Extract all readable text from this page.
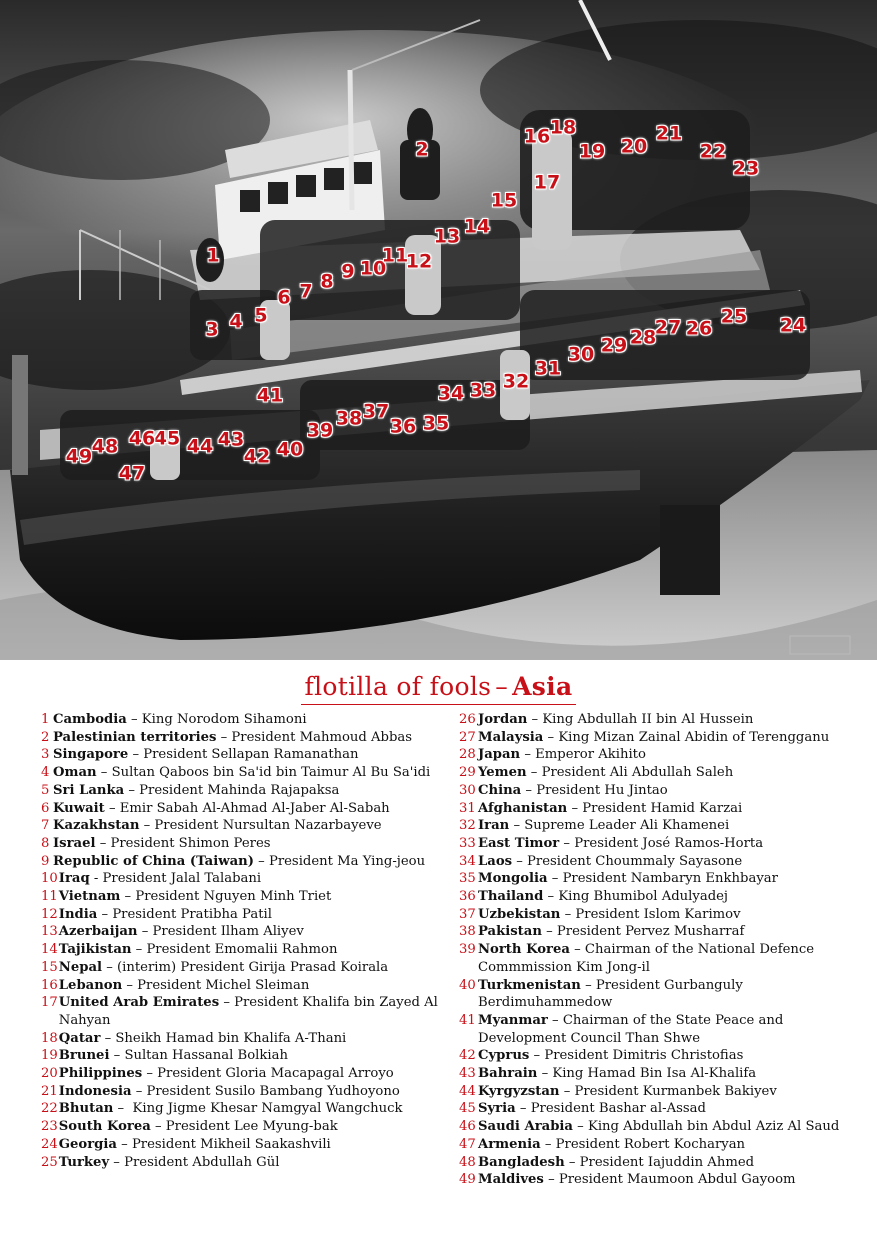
1
2
3 4 5
6 7 8 9 10
11
12
13 14
15
16
17
18
19 20
21
22
23
24
25
26
27
28
29
30
31
32
33
34
35
36
37
38
39
40
41
42
43
44
45
46
47
48
49
flotilla of fools – Asia
1 Cambodia – King Norodom Sihamoni
2 Palestinian territories – President Mahmoud Abbas
3 Singapore – President Sellapan Ramanathan
4 Oman – Sultan Qaboos bin Sa'id bin Taimur Al Bu Sa'idi
5 Sri Lanka – President Mahinda Rajapaksa
6 Kuwait – Emir Sabah Al-Ahmad Al-Jaber Al-Sabah
7 Kazakhstan – President Nursultan Nazarbayeve
8 Israel – President Shimon Peres
9 Republic of China (Taiwan) – President Ma Ying-jeou
10 Iraq - President Jalal Talabani
11 Vietnam – President Nguyen Minh Triet
12 India – President Pratibha Patil
13 Azerbaijan – President Ilham Aliyev
14 Tajikistan – President Emomalii Rahmon
15 Nepal – (interim) President Girija Prasad Koirala
16 Lebanon – President Michel Sleiman
17 United Arab Emirates – President Khalifa bin Zayed Al Nahyan
18 Qatar – Sheikh Hamad bin Khalifa A-Thani
19 Brunei – Sultan Hassanal Bolkiah
20 Philippines – President Gloria Macapagal Arroyo
21 Indonesia – President Susilo Bambang Yudhoyono
22 Bhutan –  King Jigme Khesar Namgyal Wangchuck
23 South Korea – President Lee Myung-bak
24 Georgia – President Mikheil Saakashvili
25 Turkey – President Abdullah Gül
26 Jordan – King Abdullah II bin Al Hussein
27 Malaysia – King Mizan Zainal Abidin of Terengganu
28 Japan – Emperor Akihito
29 Yemen – President Ali Abdullah Saleh
30 China – President Hu Jintao
31 Afghanistan – President Hamid Karzai
32 Iran – Supreme Leader Ali Khamenei
33 East Timor – President José Ramos-Horta
34 Laos – President Choummaly Sayasone
35 Mongolia – President Nambaryn Enkhbayar
36 Thailand – King Bhumibol Adulyadej
37 Uzbekistan – President Islom Karimov
38 Pakistan – President Pervez Musharraf
39 North Korea – Chairman of the National Defence Commmission Kim Jong-il
40 Turkmenistan – President Gurbanguly Berdimuhammedow
41 Myanmar – Chairman of the State Peace and Development Council Than Shwe
42 Cyprus – President Dimitris Christofias
43 Bahrain – King Hamad Bin Isa Al-Khalifa
44 Kyrgyzstan – President Kurmanbek Bakiyev
45 Syria – President Bashar al-Assad
46 Saudi Arabia – King Abdullah bin Abdul Aziz Al Saud
47 Armenia – President Robert Kocharyan
48 Bangladesh – President Iajuddin Ahmed
49 Maldives – President Maumoon Abdul Gayoom
